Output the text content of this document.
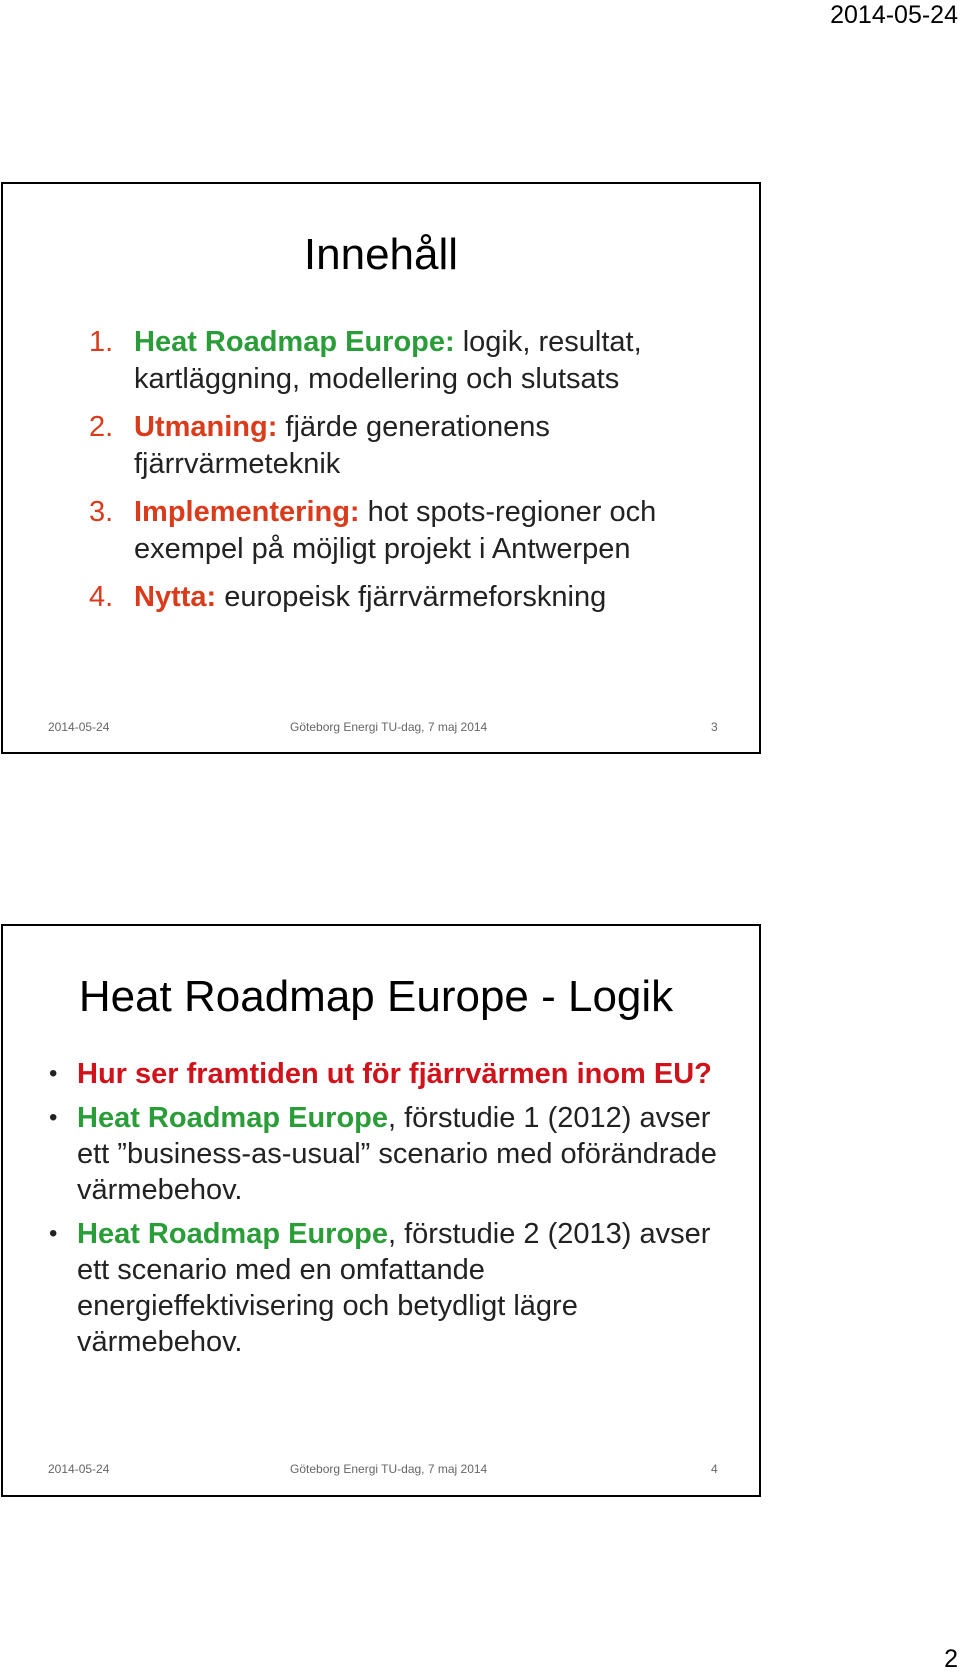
2014-05-24
Innehåll
1. Heat Roadmap Europe: logik, resultat, kartläggning, modellering och slutsats
2. Utmaning: fjärde generationens fjärrvärmeteknik
3. Implementering: hot spots-regioner och exempel på möjligt projekt i Antwerpen
4. Nytta: europeisk fjärrvärmeforskning
2014-05-24	Göteborg Energi TU-dag, 7 maj 2014	3
Heat Roadmap Europe - Logik
• Hur ser framtiden ut för fjärrvärmen inom EU?
• Heat Roadmap Europe, förstudie 1 (2012) avser ett ”business-as-usual” scenario med oförändrade värmebehov.
• Heat Roadmap Europe, förstudie 2 (2013) avser ett scenario med en omfattande energieffektivisering och betydligt lägre värmebehov.
2014-05-24	Göteborg Energi TU-dag, 7 maj 2014	4
2
